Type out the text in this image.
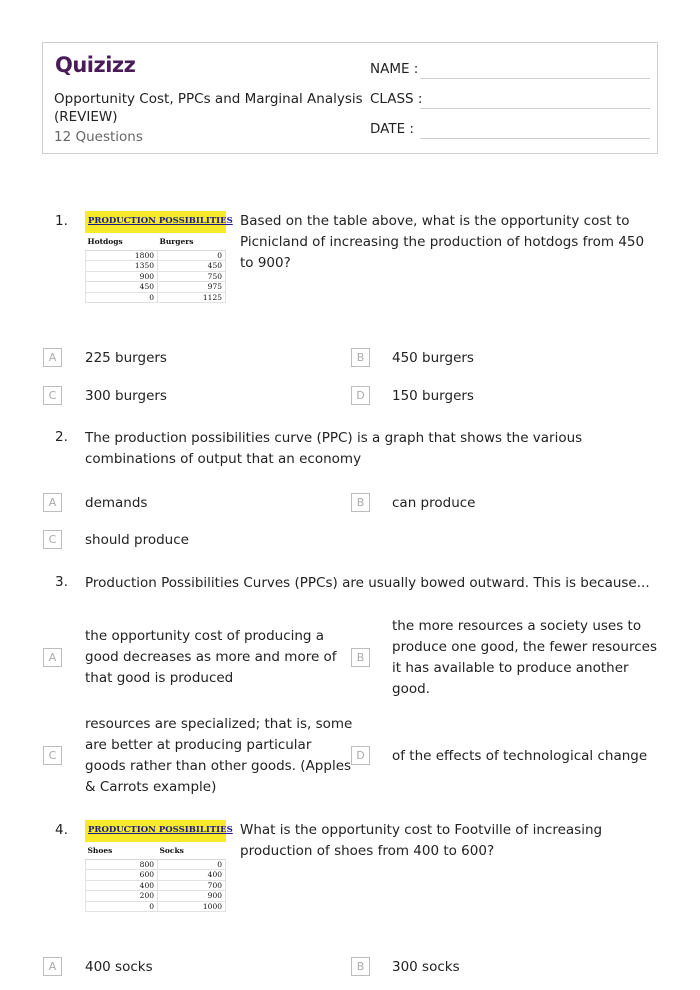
Quizizz
Opportunity Cost, PPCs and Marginal Analysis (REVIEW)
12 Questions
NAME :
CLASS :
DATE :
1.	PRODUCTION POSSIBILITIES
Hotdogs	Burgers
1800	0
1350	450
900	750
450	975
0	1125
Based on the table above, what is the opportunity cost to Picnicland of increasing the production of hotdogs from 450 to 900?
A	225 burgers	B	450 burgers
C	300 burgers	D	150 burgers
2. The production possibilities curve (PPC) is a graph that shows the various combinations of output that an economy
A	demands	B	can produce
C	should produce
3. Production Possibilities Curves (PPCs) are usually bowed outward. This is because...
A
the opportunity cost of producing a good decreases as more and more of that good is produced
B
the more resources a society uses to produce one good, the fewer resources it has available to produce another good.
C
resources are specialized; that is, some are better at producing particular goods rather than other goods. (Apples & Carrots example)
D	of the effects of technological change
4.	PRODUCTION POSSIBILITIES
Shoes	Socks
800	0
600	400
400	700
200	900
0	1000
What is the opportunity cost to Footville of increasing production of shoes from 400 to 600?
A	400 socks	B	300 socks
